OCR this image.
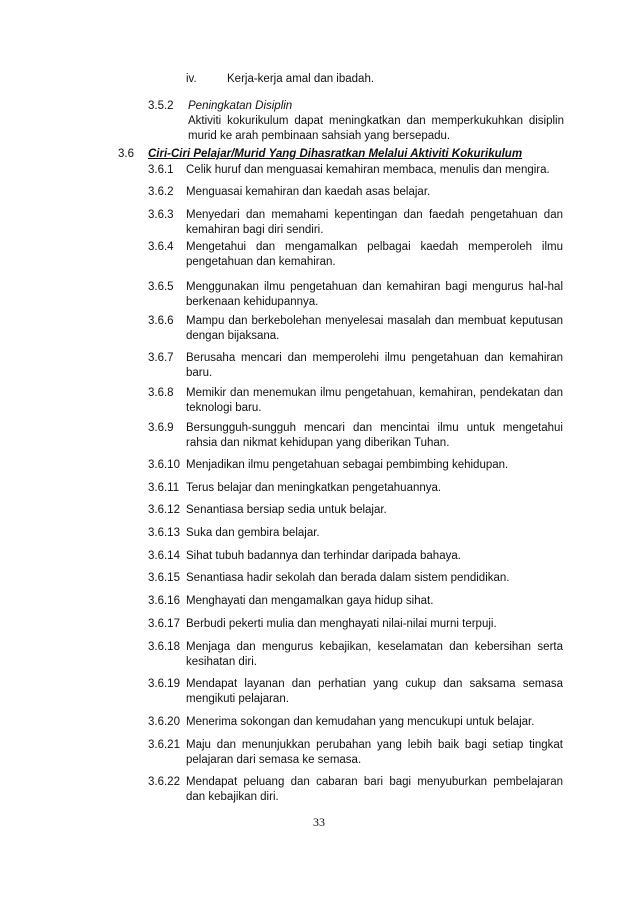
iv.	Kerja-kerja amal dan ibadah.
3.5.2 Peningkatan Disiplin
Aktiviti kokurikulum dapat meningkatkan dan memperkukuhkan disiplin
murid ke arah pembinaan sahsiah yang bersepadu.
3.6 Ciri-Ciri Pelajar/Murid Yang Dihasratkan Melalui Aktiviti Kokurikulum
3.6.1	Celik huruf dan menguasai kemahiran membaca, menulis dan mengira.
3.6.2	Menguasai kemahiran dan kaedah asas belajar.
3.6.3	Menyedari dan memahami kepentingan dan faedah pengetahuan dan
kemahiran bagi diri sendiri.
3.6.4	Mengetahui dan mengamalkan pelbagai kaedah memperoleh ilmu
pengetahuan dan kemahiran.
3.6.5	Menggunakan ilmu pengetahuan dan kemahiran bagi mengurus hal-hal
berkenaan kehidupannya.
3.6.6	Mampu dan berkebolehan menyelesai masalah dan membuat keputusan
dengan bijaksana.
3.6.7	Berusaha mencari dan memperolehi ilmu pengetahuan dan kemahiran
baru.
3.6.8	Memikir dan menemukan ilmu pengetahuan, kemahiran, pendekatan dan
teknologi baru.
3.6.9	Bersungguh-sungguh mencari dan mencintai ilmu untuk mengetahui
rahsia dan nikmat kehidupan yang diberikan Tuhan.
3.6.10 Menjadikan ilmu pengetahuan sebagai pembimbing kehidupan.
3.6.11 Terus belajar dan meningkatkan pengetahuannya.
3.6.12 Senantiasa bersiap sedia untuk belajar.
3.6.13 Suka dan gembira belajar.
3.6.14 Sihat tubuh badannya dan terhindar daripada bahaya.
3.6.15 Senantiasa hadir sekolah dan berada dalam sistem pendidikan.
3.6.16 Menghayati dan mengamalkan gaya hidup sihat.
3.6.17 Berbudi pekerti mulia dan menghayati nilai-nilai murni terpuji.
3.6.18 Menjaga dan mengurus kebajikan, keselamatan dan kebersihan serta
kesihatan diri.
3.6.19 Mendapat layanan dan perhatian yang cukup dan saksama semasa
mengikuti pelajaran.
3.6.20 Menerima sokongan dan kemudahan yang mencukupi untuk belajar.
3.6.21 Maju dan menunjukkan perubahan yang lebih baik bagi setiap tingkat
pelajaran dari semasa ke semasa.
3.6.22 Mendapat peluang dan cabaran bari bagi menyuburkan pembelajaran
dan kebajikan diri.
33
